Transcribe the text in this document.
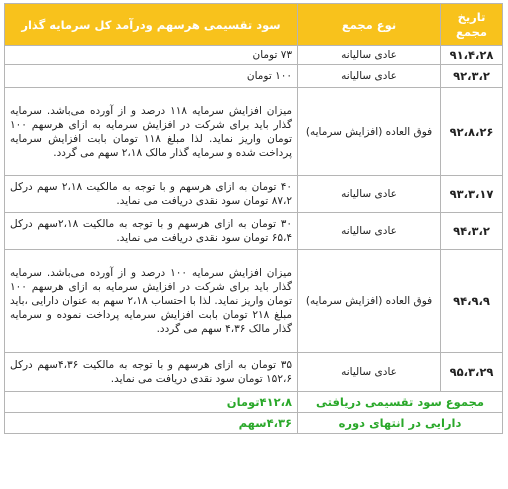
تاریخ
مجمع	نوع مجمع	سود تقسیمی هرسهم ودرآمد کل سرمایه گذار
۹۱،۴،۲۸	عادی سالیانه	۷۳ تومان
۹۲،۳،۲	عادی سالیانه	۱۰۰ تومان
۹۲،۸،۲۶	فوق العاده (افزایش سرمایه)	میزان افزایش سرمایه ۱۱۸ درصد و از آورده می‌باشد. سرمایه گذار باید برای شرکت در افزایش سرمایه به ازای هرسهم ۱۰۰ تومان واریز نماید. لذا مبلغ ۱۱۸ تومان بابت افزایش سرمایه پرداخت شده و سرمایه گذار مالک ۲،۱۸ سهم می گردد.
۹۳،۳،۱۷	عادی سالیانه	۴۰ تومان به ازای هرسهم و با توجه به مالکیت ۲،۱۸ سهم درکل ۸۷،۲ تومان سود نقدی دریافت می نماید.
۹۴،۳،۲	عادی سالیانه	۳۰ تومان به ازای هرسهم و با توجه به مالکیت ۲،۱۸سهم درکل ۶۵،۴ تومان سود نقدی دریافت می نماید.
۹۴،۹،۹	فوق العاده (افزایش سرمایه)	میزان افزایش سرمایه ۱۰۰ درصد و از آورده می‌باشد. سرمایه گذار باید برای شرکت در افزایش سرمایه به ازای هرسهم ۱۰۰ تومان واریز نماید. لذا با احتساب ۲،۱۸ سهم به عنوان دارایی ،باید مبلغ ۲۱۸ تومان بابت افزایش سرمایه پرداخت نموده و سرمایه گذار مالک ۴،۳۶ سهم می گردد.
۹۵،۳،۲۹	عادی سالیانه	۳۵ تومان به ازای هرسهم و با توجه به مالکیت ۴،۳۶سهم درکل ۱۵۲،۶ تومان سود نقدی دریافت می نماید.
مجموع سود تقسیمی دریافتی		۴۱۲،۸تومان
دارایی در انتهای دوره		۴،۳۶سهم
